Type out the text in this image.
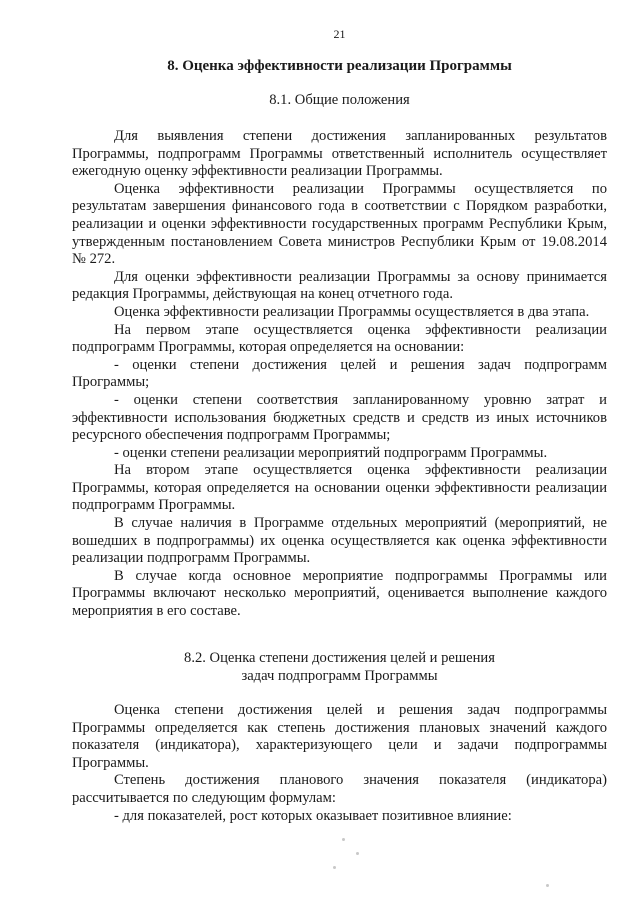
21
8. Оценка эффективности реализации Программы
8.1. Общие положения

Для выявления степени достижения запланированных результатов Программы, подпрограмм Программы ответственный исполнитель осуществляет ежегодную оценку эффективности реализации Программы.

Оценка эффективности реализации Программы осуществляется по результатам завершения финансового года в соответствии с Порядком разработки, реализации и оценки эффективности государственных программ Республики Крым, утвержденным постановлением Совета министров Республики Крым от 19.08.2014 № 272.

Для оценки эффективности реализации Программы за основу принимается редакция Программы, действующая на конец отчетного года.

Оценка эффективности реализации Программы осуществляется в два этапа.

На первом этапе осуществляется оценка эффективности реализации подпрограмм Программы, которая определяется на основании:

- оценки степени достижения целей и решения задач подпрограмм Программы;

- оценки степени соответствия запланированному уровню затрат и эффективности использования бюджетных средств и средств из иных источников ресурсного обеспечения подпрограмм Программы;

- оценки степени реализации мероприятий подпрограмм Программы.

На втором этапе осуществляется оценка эффективности реализации Программы, которая определяется на основании оценки эффективности реализации подпрограмм Программы.

В случае наличия в Программе отдельных мероприятий (мероприятий, не вошедших в подпрограммы) их оценка осуществляется как оценка эффективности реализации подпрограмм Программы.

В случае когда основное мероприятие подпрограммы Программы или Программы включают несколько мероприятий, оценивается выполнение каждого мероприятия в его составе.

8.2. Оценка степени достижения целей и решения
задач подпрограмм Программы

Оценка степени достижения целей и решения задач подпрограммы Программы определяется как степень достижения плановых значений каждого показателя (индикатора), характеризующего цели и задачи подпрограммы Программы.

Степень достижения планового значения показателя (индикатора) рассчитывается по следующим формулам:

- для показателей, рост которых оказывает позитивное влияние:
